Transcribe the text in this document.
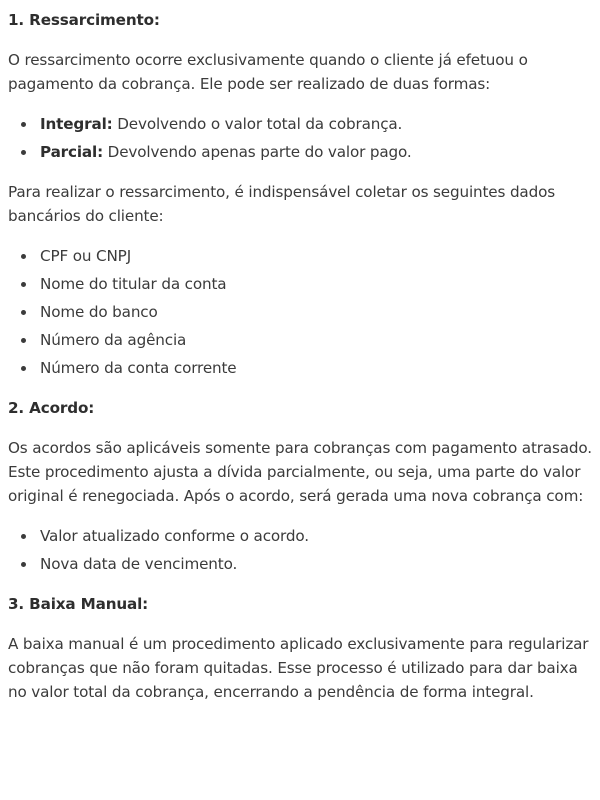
1. Ressarcimento:
O ressarcimento ocorre exclusivamente quando o cliente já efetuou o pagamento da cobrança. Ele pode ser realizado de duas formas:
Integral: Devolvendo o valor total da cobrança.
Parcial: Devolvendo apenas parte do valor pago.
Para realizar o ressarcimento, é indispensável coletar os seguintes dados bancários do cliente:
CPF ou CNPJ
Nome do titular da conta
Nome do banco
Número da agência
Número da conta corrente
2. Acordo:
Os acordos são aplicáveis somente para cobranças com pagamento atrasado. Este procedimento ajusta a dívida parcialmente, ou seja, uma parte do valor original é renegociada. Após o acordo, será gerada uma nova cobrança com:
Valor atualizado conforme o acordo.
Nova data de vencimento.
3. Baixa Manual:
A baixa manual é um procedimento aplicado exclusivamente para regularizar cobranças que não foram quitadas. Esse processo é utilizado para dar baixa no valor total da cobrança, encerrando a pendência de forma integral.
